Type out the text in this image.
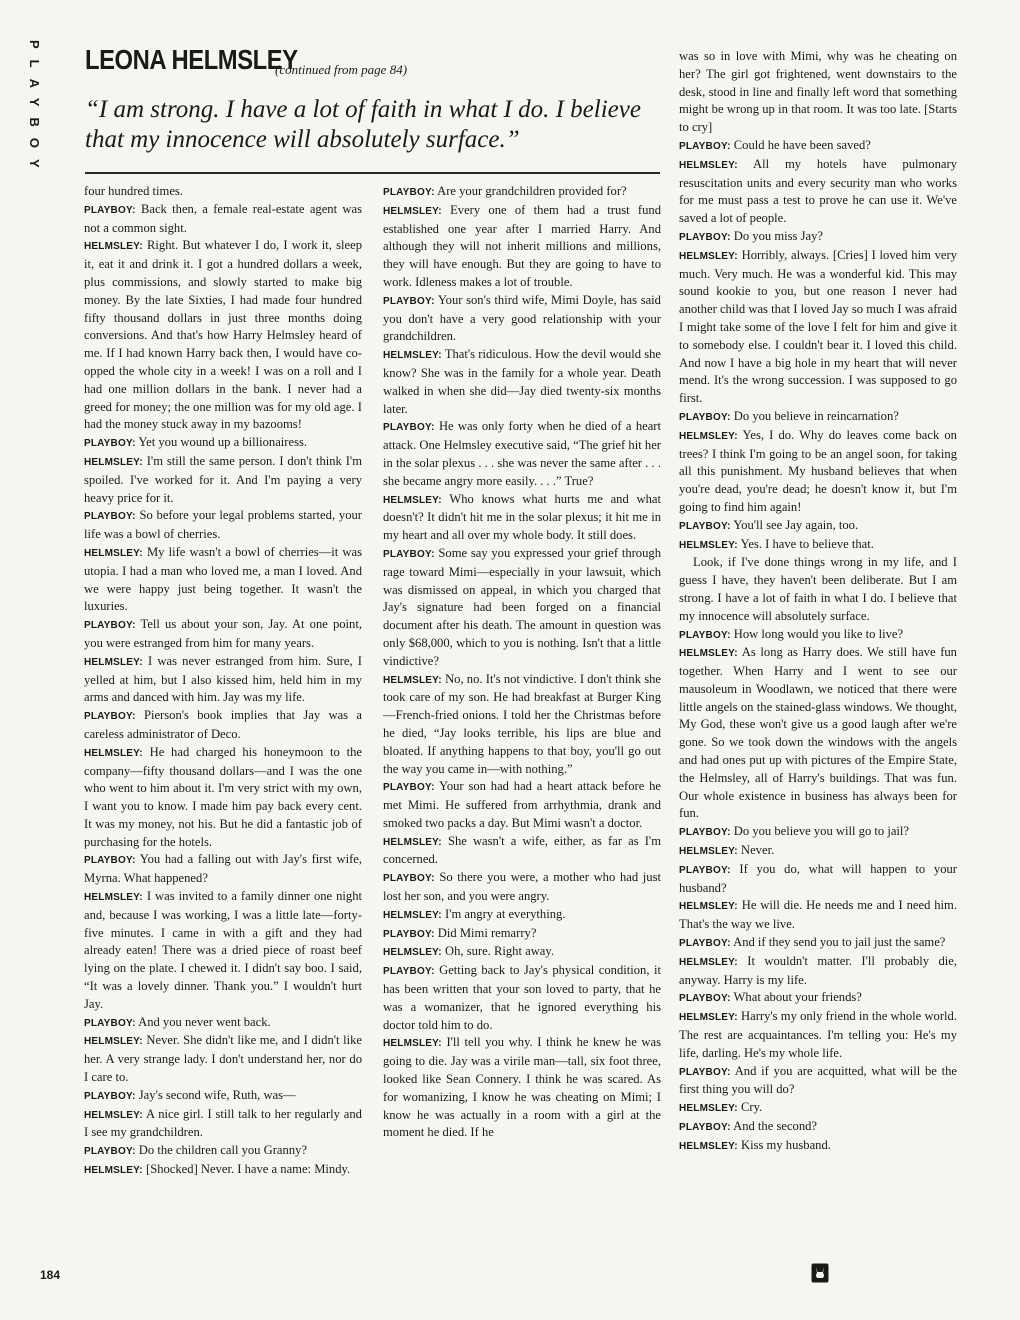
PLAYBOY LEONA HELMSLEY
(continued from page 84)
“I am strong. I have a lot of faith in what I do. I believe that my innocence will absolutely surface.”

four hundred times.

PLAYBOY: Back then, a female real-estate agent was not a common sight.

HELMSLEY: Right. But whatever I do, I work it, sleep it, eat it and drink it. I got a hundred dollars a week, plus commissions, and slowly started to make big money. By the late Sixties, I had made four hundred fifty thousand dollars in just three months doing conversions. And that's how Harry Helmsley heard of me. If I had known Harry back then, I would have co-opped the whole city in a week! I was on a roll and I had one million dollars in the bank. I never had a greed for money; the one million was for my old age. I had the money stuck away in my bazooms!

PLAYBOY: Yet you wound up a billionairess.

HELMSLEY: I'm still the same person. I don't think I'm spoiled. I've worked for it. And I'm paying a very heavy price for it.

PLAYBOY: So before your legal problems started, your life was a bowl of cherries.

HELMSLEY: My life wasn't a bowl of cherries—it was utopia. I had a man who loved me, a man I loved. And we were happy just being together. It wasn't the luxuries.

PLAYBOY: Tell us about your son, Jay. At one point, you were estranged from him for many years.

HELMSLEY: I was never estranged from him. Sure, I yelled at him, but I also kissed him, held him in my arms and danced with him. Jay was my life.

PLAYBOY: Pierson's book implies that Jay was a careless administrator of Deco.

HELMSLEY: He had charged his honeymoon to the company—fifty thousand dollars—and I was the one who went to him about it. I'm very strict with my own, I want you to know. I made him pay back every cent. It was my money, not his. But he did a fantastic job of purchasing for the hotels.

PLAYBOY: You had a falling out with Jay's first wife, Myrna. What happened?

HELMSLEY: I was invited to a family dinner one night and, because I was working, I was a little late—forty-five minutes. I came in with a gift and they had already eaten! There was a dried piece of roast beef lying on the plate. I chewed it. I didn't say boo. I said, “It was a lovely dinner. Thank you.” I wouldn't hurt Jay.

PLAYBOY: And you never went back.

HELMSLEY: Never. She didn't like me, and I didn't like her. A very strange lady. I don't understand her, nor do I care to.

PLAYBOY: Jay's second wife, Ruth, was—

HELMSLEY: A nice girl. I still talk to her regularly and I see my grandchildren.

PLAYBOY: Do the children call you Granny?

HELMSLEY: [Shocked] Never. I have a name: Mindy.

PLAYBOY: Are your grandchildren provided for?

HELMSLEY: Every one of them had a trust fund established one year after I married Harry. And although they will not inherit millions and millions, they will have enough. But they are going to have to work. Idleness makes a lot of trouble.

PLAYBOY: Your son's third wife, Mimi Doyle, has said you don't have a very good relationship with your grandchildren.

HELMSLEY: That's ridiculous. How the devil would she know? She was in the family for a whole year. Death walked in when she did—Jay died twenty-six months later.

PLAYBOY: He was only forty when he died of a heart attack. One Helmsley executive said, “The grief hit her in the solar plexus . . . she was never the same after . . . she became angry more easily. . . .” True?

HELMSLEY: Who knows what hurts me and what doesn't? It didn't hit me in the solar plexus; it hit me in my heart and all over my whole body. It still does.

PLAYBOY: Some say you expressed your grief through rage toward Mimi—especially in your lawsuit, which was dismissed on appeal, in which you charged that Jay's signature had been forged on a financial document after his death. The amount in question was only $68,000, which to you is nothing. Isn't that a little vindictive?

HELMSLEY: No, no. It's not vindictive. I don't think she took care of my son. He had breakfast at Burger King—French-fried onions. I told her the Christmas before he died, “Jay looks terrible, his lips are blue and bloated. If anything happens to that boy, you'll go out the way you came in—with nothing.”

PLAYBOY: Your son had had a heart attack before he met Mimi. He suffered from arrhythmia, drank and smoked two packs a day. But Mimi wasn't a doctor.

HELMSLEY: She wasn't a wife, either, as far as I'm concerned.

PLAYBOY: So there you were, a mother who had just lost her son, and you were angry.

HELMSLEY: I'm angry at everything.

PLAYBOY: Did Mimi remarry?

HELMSLEY: Oh, sure. Right away.

PLAYBOY: Getting back to Jay's physical condition, it has been written that your son loved to party, that he was a womanizer, that he ignored everything his doctor told him to do.

HELMSLEY: I'll tell you why. I think he knew he was going to die. Jay was a virile man—tall, six foot three, looked like Sean Connery. I think he was scared. As for womanizing, I know he was cheating on Mimi; I know he was actually in a room with a girl at the moment he died. If he

was so in love with Mimi, why was he cheating on her? The girl got frightened, went downstairs to the desk, stood in line and finally left word that something might be wrong up in that room. It was too late. [Starts to cry]

PLAYBOY: Could he have been saved?

HELMSLEY: All my hotels have pulmonary resuscitation units and every security man who works for me must pass a test to prove he can use it. We've saved a lot of people.

PLAYBOY: Do you miss Jay?

HELMSLEY: Horribly, always. [Cries] I loved him very much. Very much. He was a wonderful kid. This may sound kookie to you, but one reason I never had another child was that I loved Jay so much I was afraid I might take some of the love I felt for him and give it to somebody else. I couldn't bear it. I loved this child. And now I have a big hole in my heart that will never mend. It's the wrong succession. I was supposed to go first.

PLAYBOY: Do you believe in reincarnation?

HELMSLEY: Yes, I do. Why do leaves come back on trees? I think I'm going to be an angel soon, for taking all this punishment. My husband believes that when you're dead, you're dead; he doesn't know it, but I'm going to find him again!

PLAYBOY: You'll see Jay again, too.

HELMSLEY: Yes. I have to believe that.

Look, if I've done things wrong in my life, and I guess I have, they haven't been deliberate. But I am strong. I have a lot of faith in what I do. I believe that my innocence will absolutely surface.

PLAYBOY: How long would you like to live?

HELMSLEY: As long as Harry does. We still have fun together. When Harry and I went to see our mausoleum in Woodlawn, we noticed that there were little angels on the stained-glass windows. We thought, My God, these won't give us a good laugh after we're gone. So we took down the windows with the angels and had ones put up with pictures of the Empire State, the Helmsley, all of Harry's buildings. That was fun. Our whole existence in business has always been for fun.

PLAYBOY: Do you believe you will go to jail?

HELMSLEY: Never.

PLAYBOY: If you do, what will happen to your husband?

HELMSLEY: He will die. He needs me and I need him. That's the way we live.

PLAYBOY: And if they send you to jail just the same?

HELMSLEY: It wouldn't matter. I'll probably die, anyway. Harry is my life.

PLAYBOY: What about your friends?

HELMSLEY: Harry's my only friend in the whole world. The rest are acquaintances. I'm telling you: He's my life, darling. He's my whole life.

PLAYBOY: And if you are acquitted, what will be the first thing you will do?

HELMSLEY: Cry.

PLAYBOY: And the second?

HELMSLEY: Kiss my husband.

184
